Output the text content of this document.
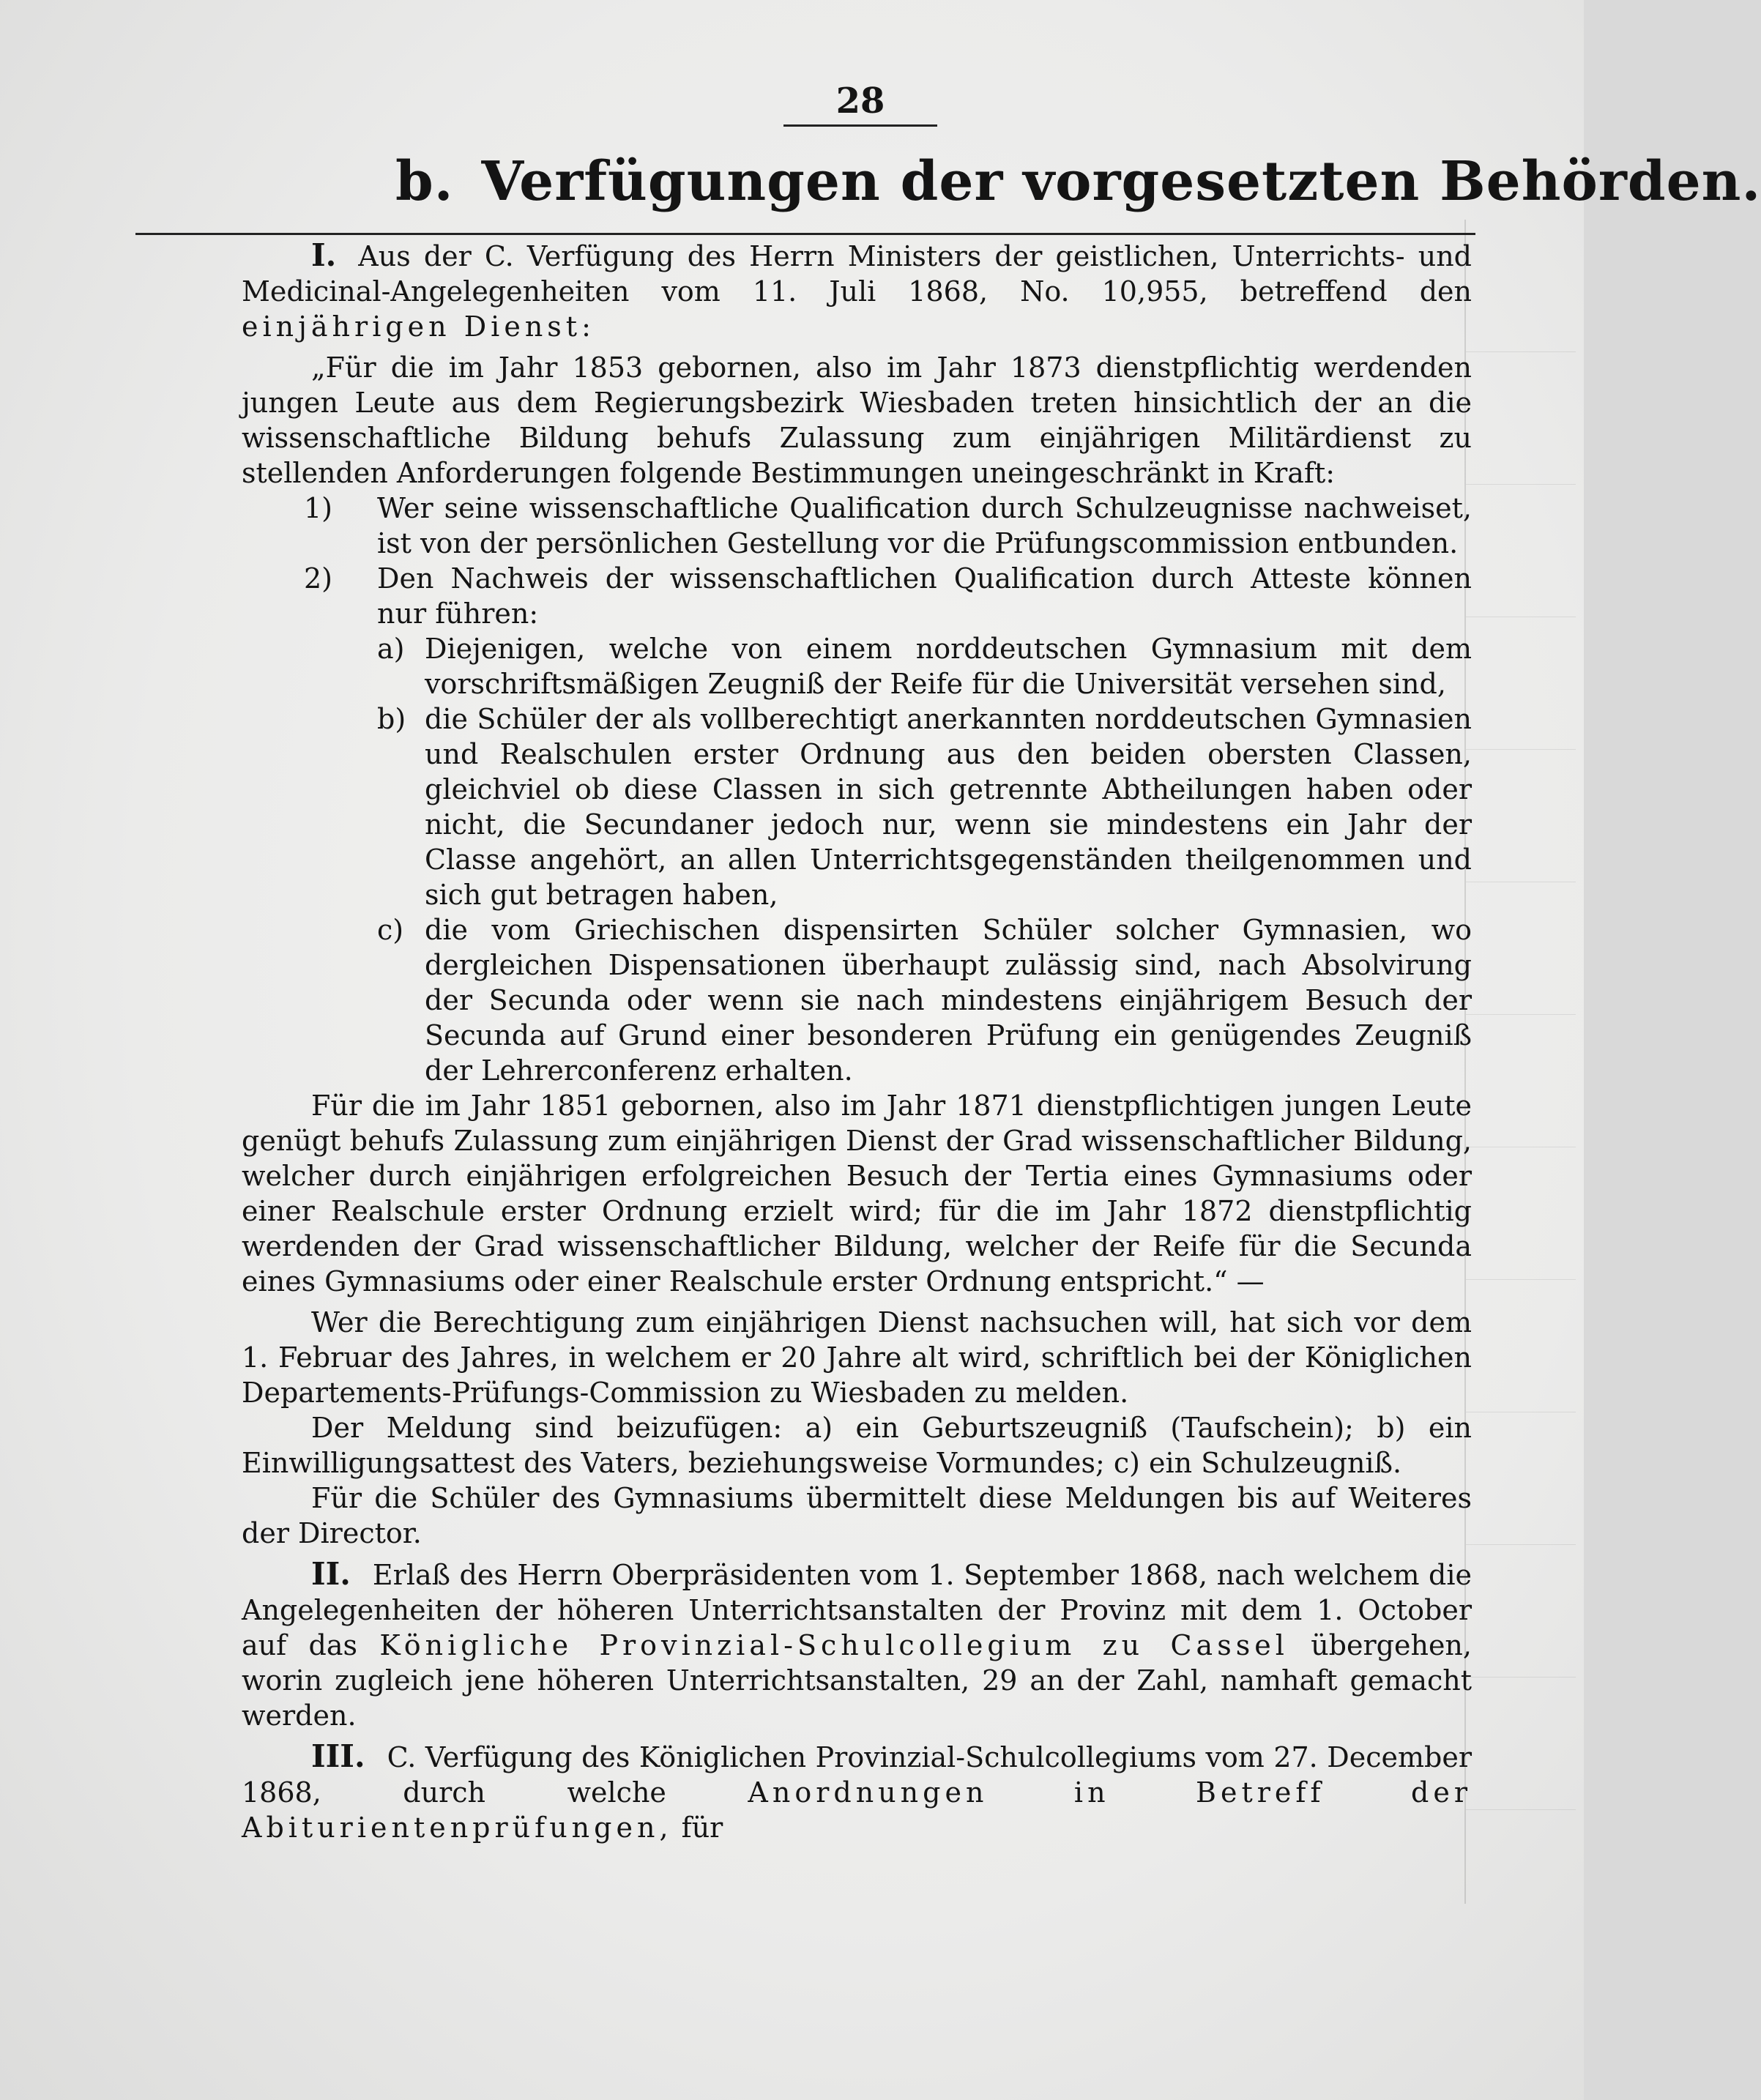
28
b. Verfügungen der vorgesetzten Behörden.

I. Aus der C. Verfügung des Herrn Ministers der geistlichen, Unterrichts- und Medicinal-Angelegenheiten vom 11. Juli 1868, No. 10,955, betreffend den einjährigen Dienst:

„Für die im Jahr 1853 gebornen, also im Jahr 1873 dienstpflichtig werdenden jungen Leute aus dem Regierungsbezirk Wiesbaden treten hinsichtlich der an die wissenschaftliche Bildung behufs Zulassung zum einjährigen Militärdienst zu stellenden Anforderungen folgende Bestimmungen uneingeschränkt in Kraft:

1)	Wer seine wissenschaftliche Qualification durch Schulzeugnisse nachweiset, ist von der persönlichen Gestellung vor die Prüfungscommission entbunden.
2)	Den Nachweis der wissenschaftlichen Qualification durch Atteste können nur führen:
a) Diejenigen, welche von einem norddeutschen Gymnasium mit dem vorschriftsmäßigen Zeugniß der Reife für die Universität versehen sind,
b) die Schüler der als vollberechtigt anerkannten norddeutschen Gymnasien und Realschulen erster Ordnung aus den beiden obersten Classen, gleichviel ob diese Classen in sich getrennte Abtheilungen haben oder nicht, die Secundaner jedoch nur, wenn sie mindestens ein Jahr der Classe angehört, an allen Unterrichtsgegenständen theilgenommen und sich gut betragen haben,
c) die vom Griechischen dispensirten Schüler solcher Gymnasien, wo dergleichen Dispensationen überhaupt zulässig sind, nach Absolvirung der Secunda oder wenn sie nach mindestens einjährigem Besuch der Secunda auf Grund einer besonderen Prüfung ein genügendes Zeugniß der Lehrerconferenz erhalten.

Für die im Jahr 1851 gebornen, also im Jahr 1871 dienstpflichtigen jungen Leute genügt behufs Zulassung zum einjährigen Dienst der Grad wissenschaftlicher Bildung, welcher durch einjährigen erfolgreichen Besuch der Tertia eines Gymnasiums oder einer Realschule erster Ordnung erzielt wird; für die im Jahr 1872 dienstpflichtig werdenden der Grad wissenschaftlicher Bildung, welcher der Reife für die Secunda eines Gymnasiums oder einer Realschule erster Ordnung entspricht.“ —

Wer die Berechtigung zum einjährigen Dienst nachsuchen will, hat sich vor dem 1. Februar des Jahres, in welchem er 20 Jahre alt wird, schriftlich bei der Königlichen Departements-Prüfungs-Commission zu Wiesbaden zu melden.

Der Meldung sind beizufügen: a) ein Geburtszeugniß (Taufschein); b) ein Einwilligungsattest des Vaters, beziehungsweise Vormundes; c) ein Schulzeugniß.

Für die Schüler des Gymnasiums übermittelt diese Meldungen bis auf Weiteres der Director.

II. Erlaß des Herrn Oberpräsidenten vom 1. September 1868, nach welchem die Angelegenheiten der höheren Unterrichtsanstalten der Provinz mit dem 1. October auf das Königliche Provinzial-Schulcollegium zu Cassel übergehen, worin zugleich jene höheren Unterrichtsanstalten, 29 an der Zahl, namhaft gemacht werden.

III. C. Verfügung des Königlichen Provinzial-Schulcollegiums vom 27. December 1868, durch welche	Anordnungen in Betreff der Abiturientenprüfungen, für
